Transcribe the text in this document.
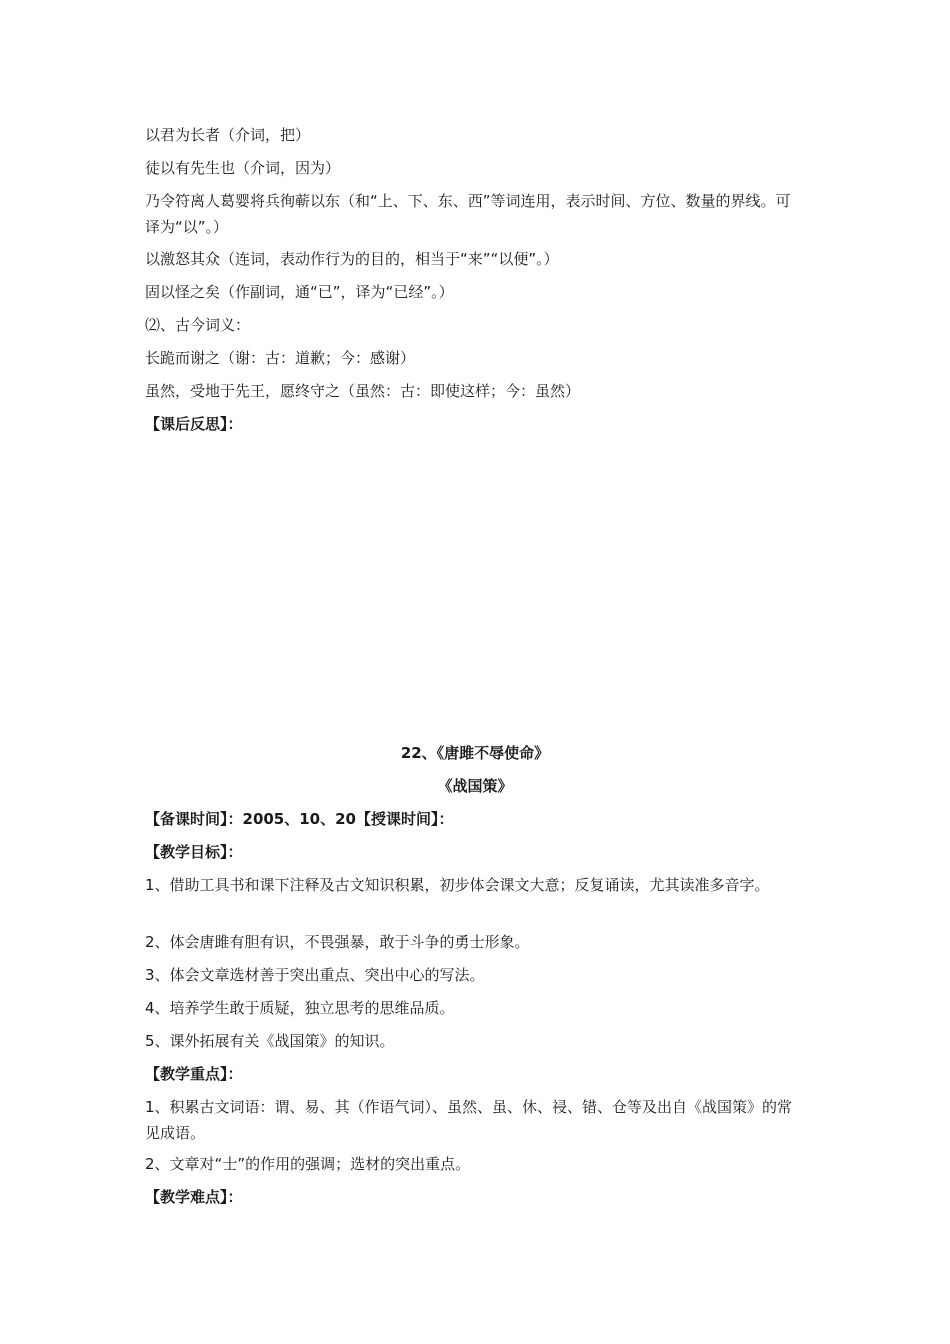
以君为长者（介词，把）
徒以有先生也（介词，因为）
乃令符离人葛婴将兵徇蕲以东（和“上、下、东、西”等词连用，表示时间、方位、数量的界线。可译为“以”。）
以激怒其众（连词，表动作行为的目的，相当于“来”“以便”。）
固以怪之矣（作副词，通“已”，译为“已经”。）
⑵、古今词义：
长跪而谢之（谢：古：道歉；今：感谢）
虽然，受地于先王，愿终守之（虽然：古：即使这样；今：虽然）
【课后反思】：
22、《唐雎不辱使命》
《战国策》
【备课时间】：2005、10、20【授课时间】：
【教学目标】：
1、借助工具书和课下注释及古文知识积累，初步体会课文大意；反复诵读，尤其读准多音字。
2、体会唐雎有胆有识，不畏强暴，敢于斗争的勇士形象。
3、体会文章选材善于突出重点、突出中心的写法。
4、培养学生敢于质疑，独立思考的思维品质。
5、课外拓展有关《战国策》的知识。
【教学重点】：
1、积累古文词语：谓、易、其（作语气词）、虽然、虽、休、祲、错、仓等及出自《战国策》的常见成语。
2、文章对“士”的作用的强调；选材的突出重点。
【教学难点】：
